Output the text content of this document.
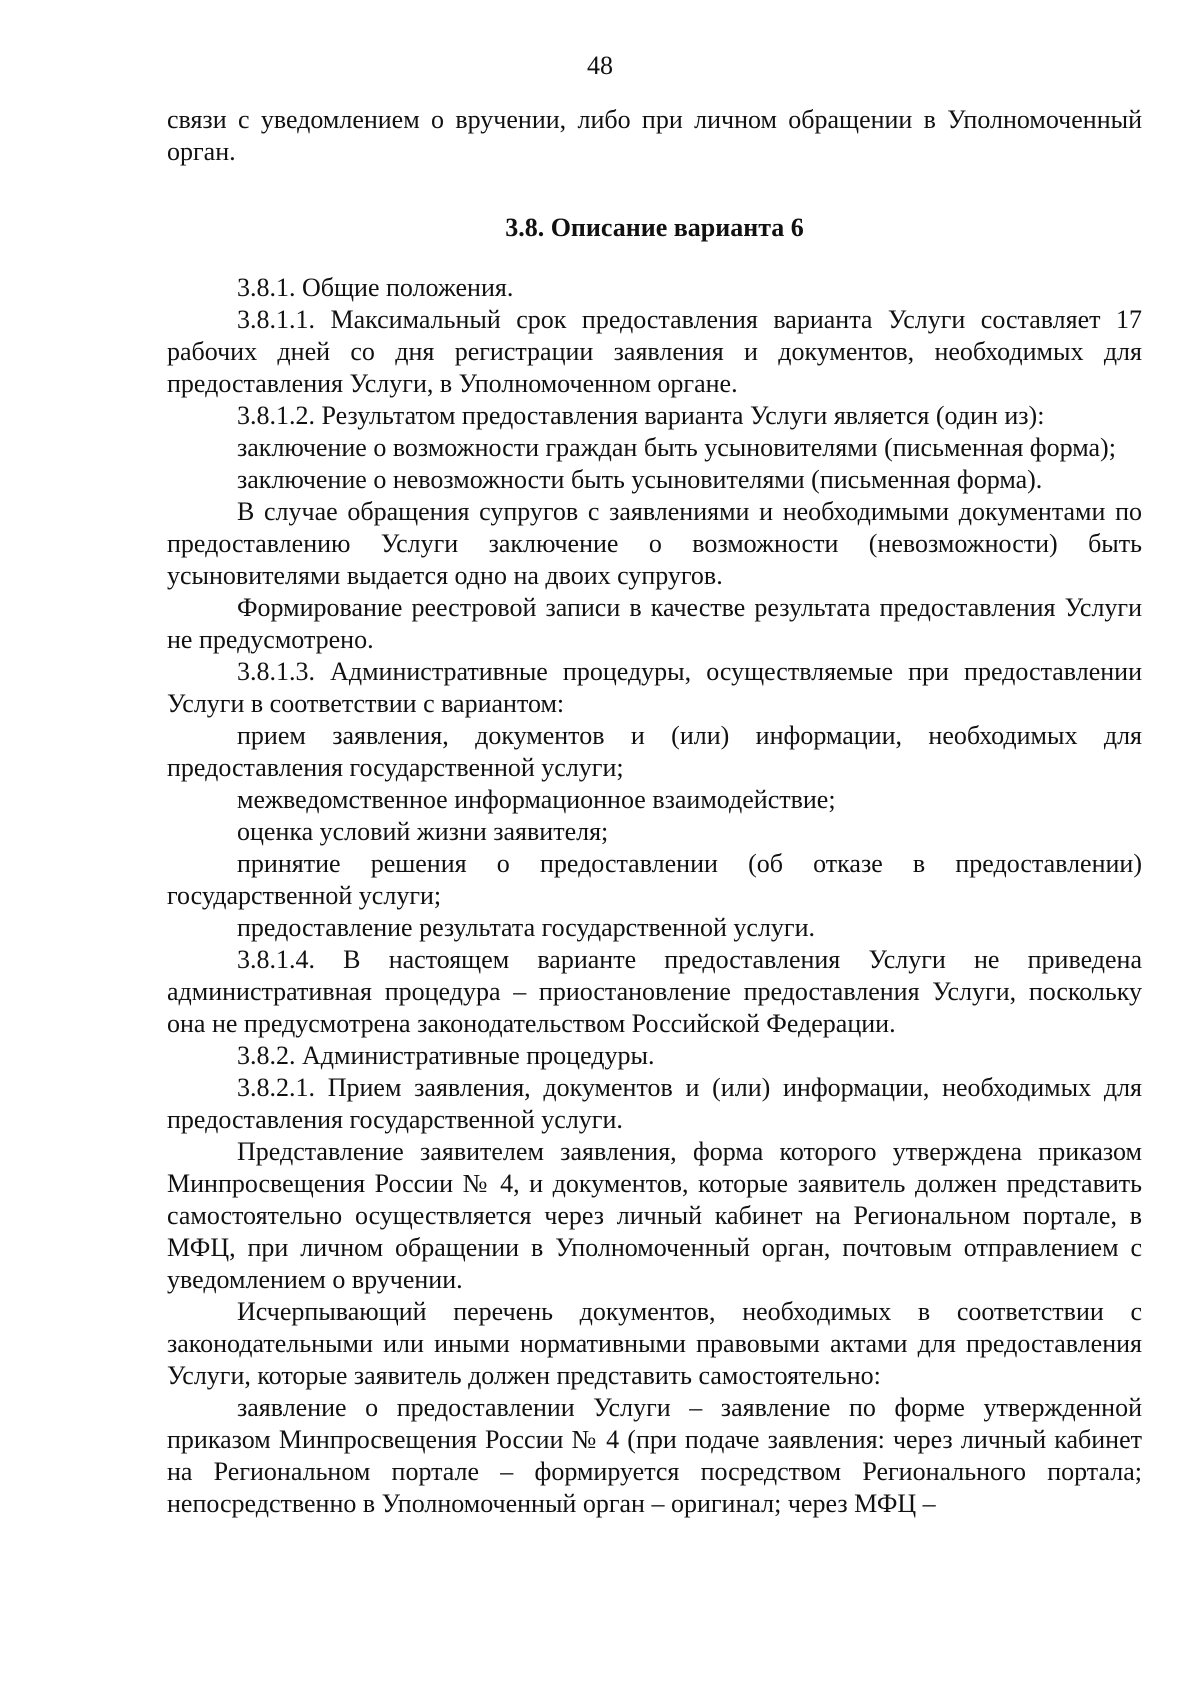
48

связи с уведомлением о вручении, либо при личном обращении в Уполномоченный орган.

3.8. Описание варианта 6

3.8.1. Общие положения.

3.8.1.1. Максимальный срок предоставления варианта Услуги составляет 17 рабочих дней со дня регистрации заявления и документов, необходимых для предоставления Услуги, в Уполномоченном органе.

3.8.1.2. Результатом предоставления варианта Услуги является (один из):

заключение о возможности граждан быть усыновителями (письменная форма);

заключение о невозможности быть усыновителями (письменная форма).

В случае обращения супругов с заявлениями и необходимыми документами по предоставлению Услуги заключение о возможности (невозможности) быть усыновителями выдается одно на двоих супругов.

Формирование реестровой записи в качестве результата предоставления Услуги не предусмотрено.

3.8.1.3. Административные процедуры, осуществляемые при предоставлении Услуги в соответствии с вариантом:

прием заявления, документов и (или) информации, необходимых для предоставления государственной услуги;

межведомственное информационное взаимодействие;

оценка условий жизни заявителя;

принятие решения о предоставлении (об отказе в предоставлении) государственной услуги;

предоставление результата государственной услуги.

3.8.1.4. В настоящем варианте предоставления Услуги не приведена административная процедура – приостановление предоставления Услуги, поскольку она не предусмотрена законодательством Российской Федерации.

3.8.2. Административные процедуры.

3.8.2.1. Прием заявления, документов и (или) информации, необходимых для предоставления государственной услуги.

Представление заявителем заявления, форма которого утверждена приказом Минпросвещения России № 4, и документов, которые заявитель должен представить самостоятельно осуществляется через личный кабинет на Региональном портале, в МФЦ, при личном обращении в Уполномоченный орган, почтовым отправлением с уведомлением о вручении.

Исчерпывающий перечень документов, необходимых в соответствии с законодательными или иными нормативными правовыми актами для предоставления Услуги, которые заявитель должен представить самостоятельно:

заявление о предоставлении Услуги – заявление по форме утвержденной приказом Минпросвещения России № 4 (при подаче заявления: через личный кабинет на Региональном портале – формируется посредством Регионального портала; непосредственно в Уполномоченный орган – оригинал; через МФЦ –
